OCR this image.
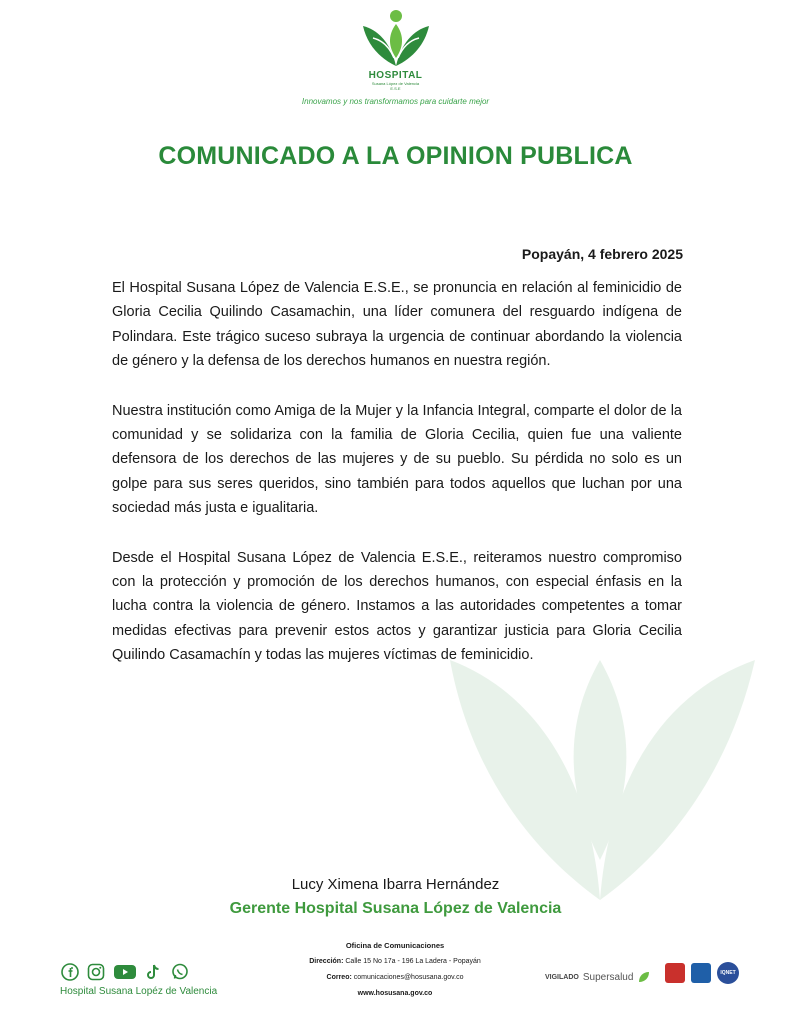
HOSPITAL
Susana López de Valencia
E.S.E
Innovamos y nos transformamos para cuidarte mejor
COMUNICADO A LA OPINION PUBLICA
Popayán, 4 febrero 2025

El Hospital Susana López de Valencia E.S.E., se pronuncia en relación al feminicidio de Gloria Cecilia Quilindo Casamachin, una líder comunera del resguardo indígena de Polindara. Este trágico suceso subraya la urgencia de continuar abordando la violencia de género y la defensa de los derechos humanos en nuestra región.

Nuestra institución como Amiga de la Mujer y la Infancia Integral, comparte el dolor de la comunidad y se solidariza con la familia de Gloria Cecilia, quien fue una valiente defensora de los derechos de las mujeres y de su pueblo. Su pérdida no solo es un golpe para sus seres queridos, sino también para todos aquellos que luchan por una sociedad más justa e igualitaria.

Desde el Hospital Susana López de Valencia E.S.E., reiteramos nuestro compromiso con la protección y promoción de los derechos humanos, con especial énfasis en la lucha contra la violencia de género. Instamos a las autoridades competentes a tomar medidas efectivas para prevenir estos actos y garantizar justicia para Gloria Cecilia Quilindo Casamachín y todas las mujeres víctimas de feminicidio.

Lucy Ximena Ibarra Hernández
Gerente Hospital Susana López de Valencia
Oficina de Comunicaciones
Dirección: Calle 15 No 17a - 196 La Ladera - Popayán
Correo: comunicaciones@hosusana.gov.co
www.hosusana.gov.co
Hospital Susana Lopéz de Valencia
VIGILADO Supersalud	IQNET
